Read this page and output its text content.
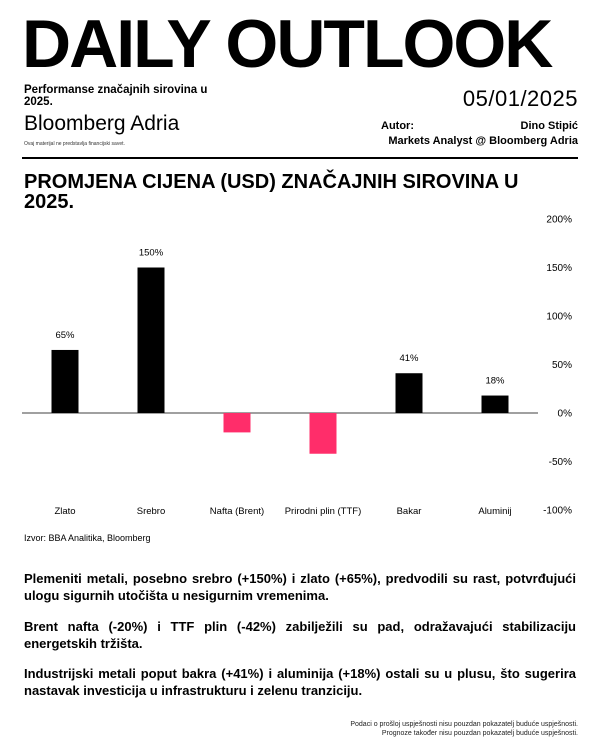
DAILY OUTLOOK
Performanse značajnih sirovina u 2025.	05/01/2025
Bloomberg Adria
Ovaj materijal ne predstavlja financijski savet.
Autor:	Dino Stipić
Markets Analyst @ Bloomberg Adria
PROMJENA CIJENA (USD) ZNAČAJNIH SIROVINA U 2025.
-100%
-50%
0%
50%
100%
150%
200%
65%
Zlato
150%
Srebro	Nafta (Brent) Prirodni plin (TTF)
41%
Bakar
18%
Aluminij
Izvor: BBA Analitika, Bloomberg
Plemeniti metali, posebno srebro (+150%) i zlato (+65%), predvodili su rast, potvrđujući ulogu sigurnih utočišta u nesigurnim vremenima.
Brent nafta (-20%) i TTF plin (-42%) zabilježili su pad, odražavajući stabilizaciju energetskih tržišta.
Industrijski metali poput bakra (+41%) i aluminija (+18%) ostali su u plusu, što sugerira nastavak investicija u infrastrukturu i zelenu tranziciju.
Podaci o prošloj uspješnosti nisu pouzdan pokazatelj buduće uspješnosti.
Prognoze također nisu pouzdan pokazatelj buduće uspješnosti.
